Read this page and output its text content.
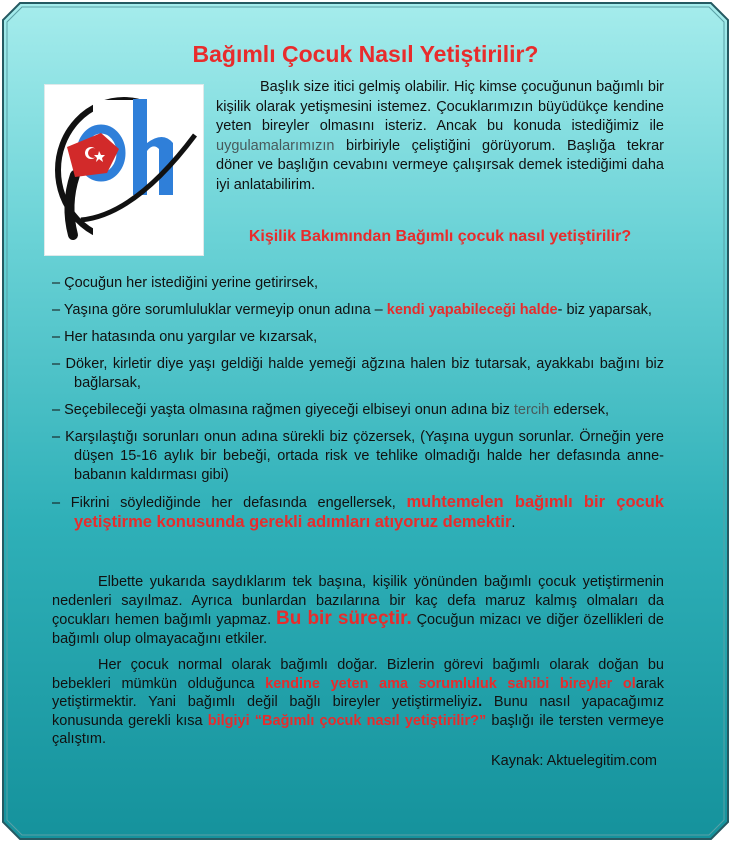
Bağımlı Çocuk Nasıl Yetiştirilir?

Başlık size itici gelmiş olabilir. Hiç kimse çocuğunun bağımlı bir kişilik olarak yetişmesini istemez. Çocuklarımızın büyüdükçe kendine yeten bireyler olmasını isteriz. Ancak bu konuda istediğimiz ile uygulamalarımızın birbiriyle çeliştiğini görüyorum. Başlığa tekrar döner ve başlığın cevabını vermeye çalışırsak demek istediğimi daha iyi anlatabilirim.

Kişilik Bakımından Bağımlı çocuk nasıl yetiştirilir?

– Çocuğun her istediğini yerine getirirsek,

– Yaşına göre sorumluluklar vermeyip onun adına – kendi yapabileceği halde- biz yaparsak,

– Her hatasında onu yargılar ve kızarsak,

– Döker, kirletir diye yaşı geldiği halde yemeği ağzına halen biz tutarsak, ayakkabı bağını biz bağlarsak,

– Seçebileceği yaşta olmasına rağmen giyeceği elbiseyi onun adına biz tercih edersek,

– Karşılaştığı sorunları onun adına sürekli biz çözersek, (Yaşına uygun sorunlar. Örneğin yere düşen 15-16 aylık bir bebeği, ortada risk ve tehlike olmadığı halde her defasında anne-babanın kaldırması gibi)

– Fikrini söylediğinde her defasında engellersek, muhtemelen bağımlı bir çocuk yetiştirme konusunda gerekli adımları atıyoruz demektir.

Elbette yukarıda saydıklarım tek başına, kişilik yönünden bağımlı çocuk yetiştirmenin nedenleri sayılmaz. Ayrıca bunlardan bazılarına bir kaç defa maruz kalmış olmaları da çocukları hemen bağımlı yapmaz. Bu bir süreçtir. Çocuğun mizacı ve diğer özellikleri de bağımlı olup olmayacağını etkiler.

Her çocuk normal olarak bağımlı doğar. Bizlerin görevi bağımlı olarak doğan bu bebekleri mümkün olduğunca kendine yeten ama sorumluluk sahibi bireyler olarak yetiştirmektir. Yani bağımlı değil bağlı bireyler yetiştirmeliyiz. Bunu nasıl yapacağımız konusunda gerekli kısa bilgiyi “Bağımlı çocuk nasıl yetiştirilir?” başlığı ile tersten vermeye çalıştım.

Kaynak: Aktuelegitim.com
